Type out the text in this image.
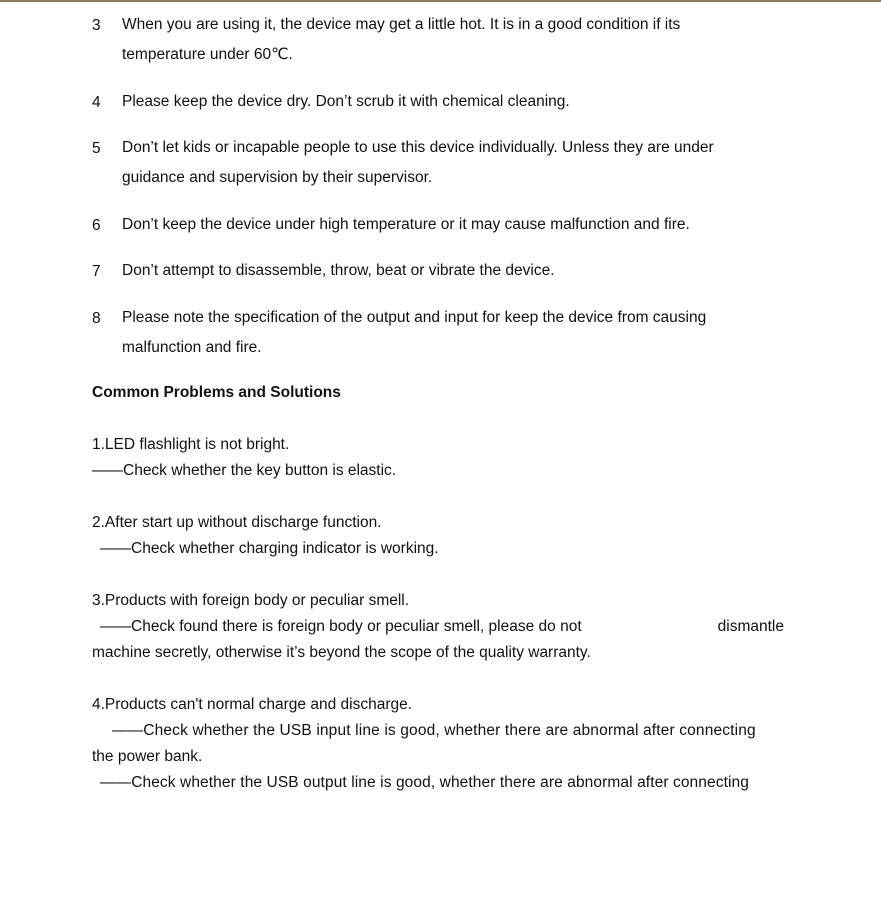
3 When you are using it, the device may get a little hot. It is in a good condition if its
temperature under 60℃.
4 Please keep the device dry. Don’t scrub it with chemical cleaning.
5 Don’t let kids or incapable people to use this device individually. Unless they are under
guidance and supervision by their supervisor.
6 Don’t keep the device under high temperature or it may cause malfunction and fire.
7 Don’t attempt to disassemble, throw, beat or vibrate the device.
8 Please note the specification of the output and input for keep the device from causing
malfunction and fire.
Common Problems and Solutions
1.LED flashlight is not bright.
——Check whether the key button is elastic.
2.After start up without discharge function.
——Check whether charging indicator is working.
3.Products with foreign body or peculiar smell.
——Check found there is foreign body or peculiar smell, please do not	dismantle
machine secretly, otherwise it’s beyond the scope of the quality warranty.
4.Products can't normal charge and discharge.
——Check whether the USB input line is good, whether there are abnormal after connecting
the power bank.
——Check whether the USB output line is good, whether there are abnormal after connecting
